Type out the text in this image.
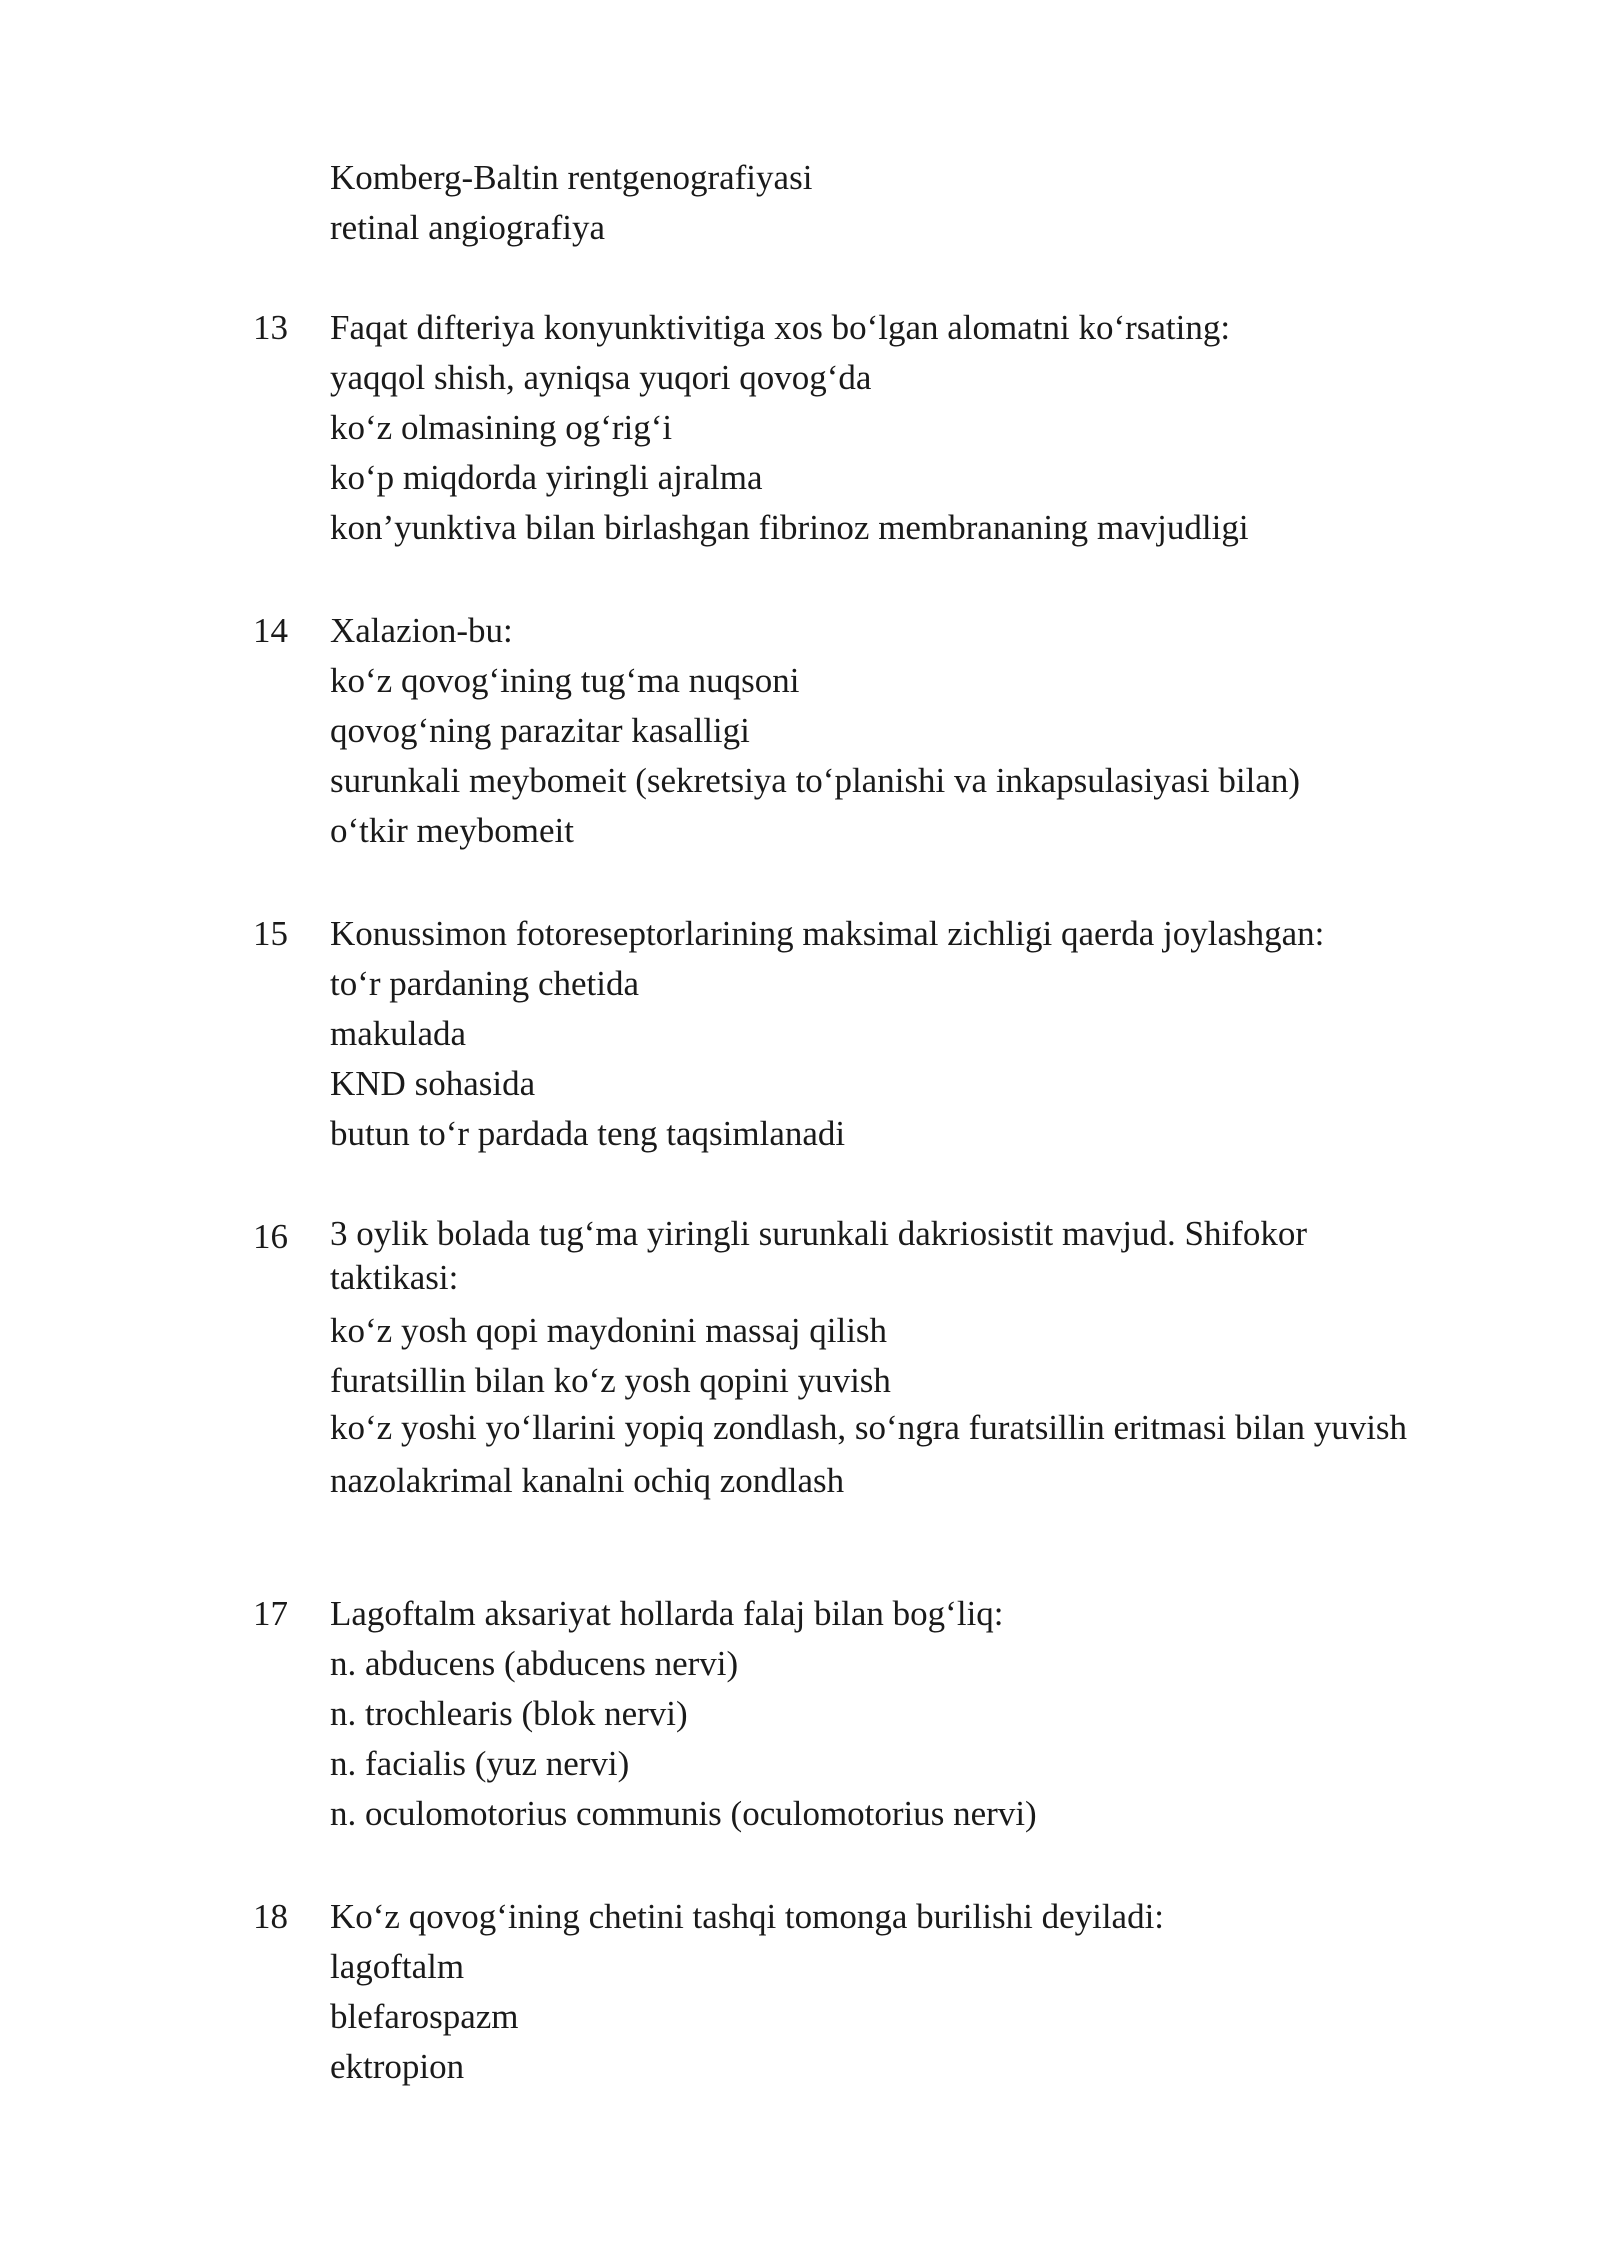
Komberg-Baltin rentgenografiyasi
retinal angiografiya
13	Faqat difteriya konyunktivitiga xos bo‘lgan alomatni ko‘rsating:
yaqqol shish, ayniqsa yuqori qovog‘da
ko‘z olmasining og‘rig‘i
ko‘p miqdorda yiringli ajralma
kon’yunktiva bilan birlashgan fibrinoz membrananing mavjudligi
14	Xalazion-bu:
ko‘z qovog‘ining tug‘ma nuqsoni
qovog‘ning parazitar kasalligi
surunkali meybomeit (sekretsiya to‘planishi va inkapsulasiyasi bilan)
o‘tkir meybomeit
15	Konussimon fotoreseptorlarining maksimal zichligi qaerda joylashgan:
to‘r pardaning chetida
makulada
KND sohasida
butun to‘r pardada teng taqsimlanadi
16	3 oylik bolada tug‘ma yiringli surunkali dakriosistit mavjud. Shifokor taktikasi:
ko‘z yosh qopi maydonini massaj qilish
furatsillin bilan ko‘z yosh qopini yuvish
ko‘z yoshi yo‘llarini yopiq zondlash, so‘ngra furatsillin eritmasi bilan yuvish
nazolakrimal kanalni ochiq zondlash
17	Lagoftalm aksariyat hollarda falaj bilan bog‘liq:
n. abducens (abducens nervi)
n. trochlearis (blok nervi)
n. facialis (yuz nervi)
n. oculomotorius communis (oculomotorius nervi)
18	Ko‘z qovog‘ining chetini tashqi tomonga burilishi deyiladi:
lagoftalm
blefarospazm
ektropion
